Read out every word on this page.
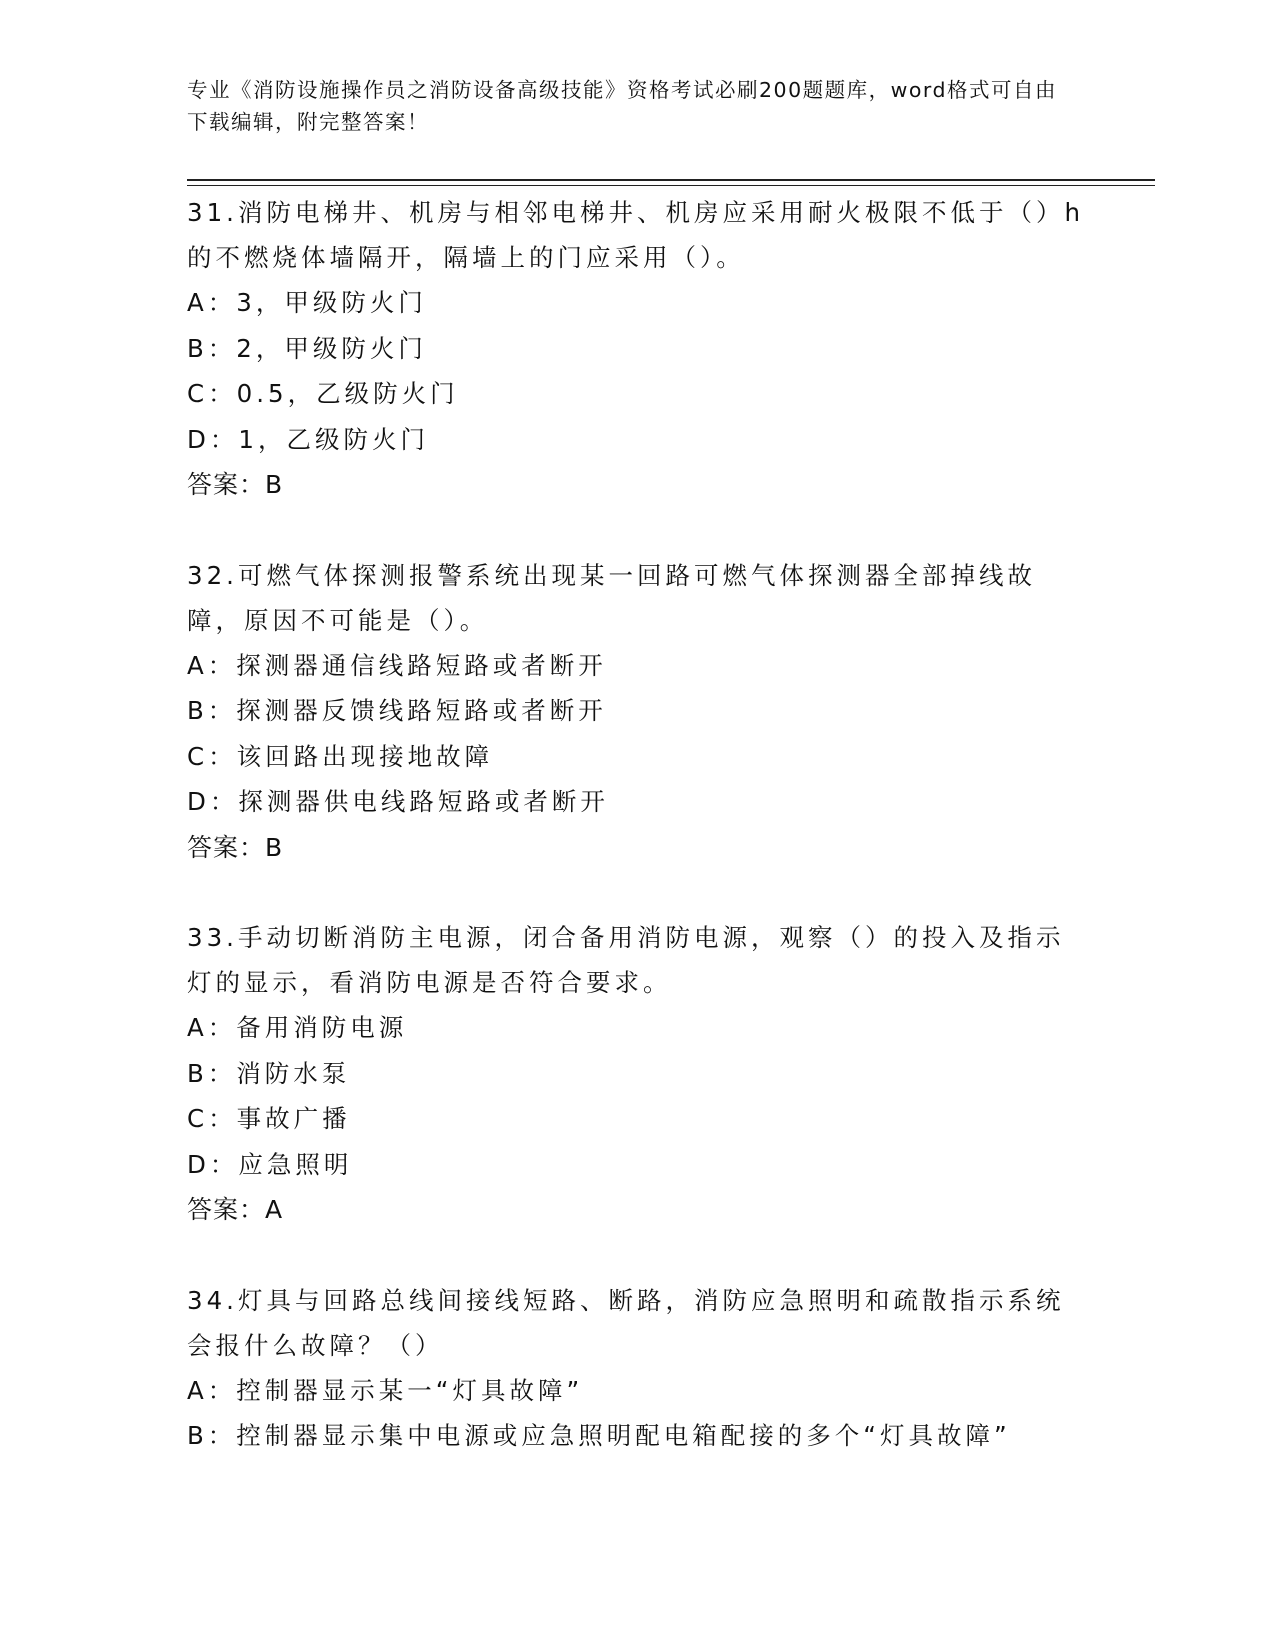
专业《消防设施操作员之消防设备高级技能》资格考试必刷200题题库，word格式可自由下载编辑，附完整答案！

31.消防电梯井、机房与相邻电梯井、机房应采用耐火极限不低于（）h的不燃烧体墙隔开，隔墙上的门应采用（）。

A：3，甲级防火门
B：2，甲级防火门
C：0.5，乙级防火门
D：1，乙级防火门
答案：B

32.可燃气体探测报警系统出现某一回路可燃气体探测器全部掉线故障，原因不可能是（）。

A：探测器通信线路短路或者断开
B：探测器反馈线路短路或者断开
C：该回路出现接地故障
D：探测器供电线路短路或者断开
答案：B

33.手动切断消防主电源，闭合备用消防电源，观察（）的投入及指示灯的显示，看消防电源是否符合要求。

A：备用消防电源
B：消防水泵
C：事故广播
D：应急照明
答案：A

34.灯具与回路总线间接线短路、断路，消防应急照明和疏散指示系统会报什么故障？（）

A：控制器显示某一“灯具故障”
B：控制器显示集中电源或应急照明配电箱配接的多个“灯具故障”
